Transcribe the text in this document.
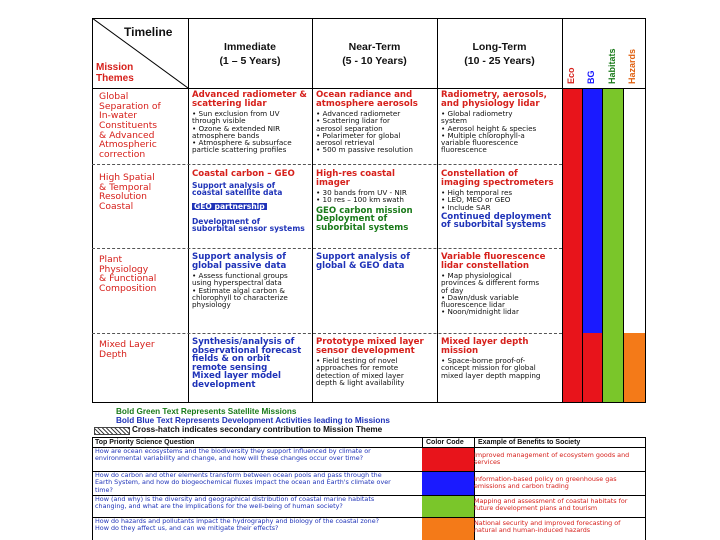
Timeline
Mission Themes
Immediate
(1 – 5 Years)
Near-Term
(5 - 10 Years)
Long-Term
(10 - 25 Years)
Eco BG Habitats Hazards
Global
Separation of
In-water
Constituents
& Advanced
Atmospheric
correction
Advanced radiometer &
scattering lidar
• Sun exclusion from UV
through visible
• Ozone & extended NIR
atmosphere bands
• Atmosphere & subsurface
particle scattering profiles
Ocean radiance and
atmosphere aerosols
• Advanced radiometer
• Scattering lidar for
aerosol separation
• Polarimeter for global
aerosol retrieval
• 500 m passive resolution
Radiometry, aerosols,
and physiology lidar
• Global radiometry
system
• Aerosol height & species
• Multiple chlorophyll-a
variable fluorescence
fluorescence
High Spatial
& Temporal
Resolution
Coastal
Coastal carbon – GEO
Support analysis of
coastal satellite data
GEO partnership
Development of
suborbital sensor systems
High-res coastal
imager
• 30 bands from UV - NIR
• 10 res – 100 km swath
GEO carbon mission
Deployment of
suborbital systems
Constellation of
imaging spectrometers
• High temporal res
• LEO, MEO or GEO
• Include SAR
Continued deployment
of suborbital systems
Plant
Physiology
& Functional
Composition
Support analysis of
global passive data
• Assess functional groups
using hyperspectral data
• Estimate algal carbon &
chlorophyll to characterize
physiology
Support analysis of
global & GEO data
Variable fluorescence
lidar constellation
• Map physiological
provinces & different forms
of day
• Dawn/dusk variable
fluorescence lidar
• Noon/midnight lidar
Mixed Layer
Depth
Synthesis/analysis of
observational forecast
fields & on orbit
remote sensing
Mixed layer model
development
Prototype mixed layer
sensor development
• Field testing of novel
approaches for remote
detection of mixed layer
depth & light availability
Mixed layer depth
mission
• Space-borne proof-of-
concept mission for global
mixed layer depth mapping
Bold Green Text Represents Satellite Missions
Bold Blue Text Represents Development Activities leading to Missions
Cross-hatch indicates secondary contribution to Mission Theme
Top Priority Science Question	Color Code Example of Benefits to Society
How are ocean ecosystems and the biodiversity they support influenced by climate or environmental variability and change, and how will these changes occur over time?	Improved management of ecosystem goods and services
How do carbon and other elements transform between ocean pools and pass through the Earth System, and how do biogeochemical fluxes impact the ocean and Earth's climate over time?
Information-based policy on greenhouse gas emissions and carbon trading
How (and why) is the diversity and geographical distribution of coastal marine habitats changing, and what are the implications for the well-being of human society?
Mapping and assessment of coastal habitats for future development plans and tourism
How do hazards and pollutants impact the hydrography and biology of the coastal zone? How do they affect us, and can we mitigate their effects?
National security and improved forecasting of natural and human-induced hazards
